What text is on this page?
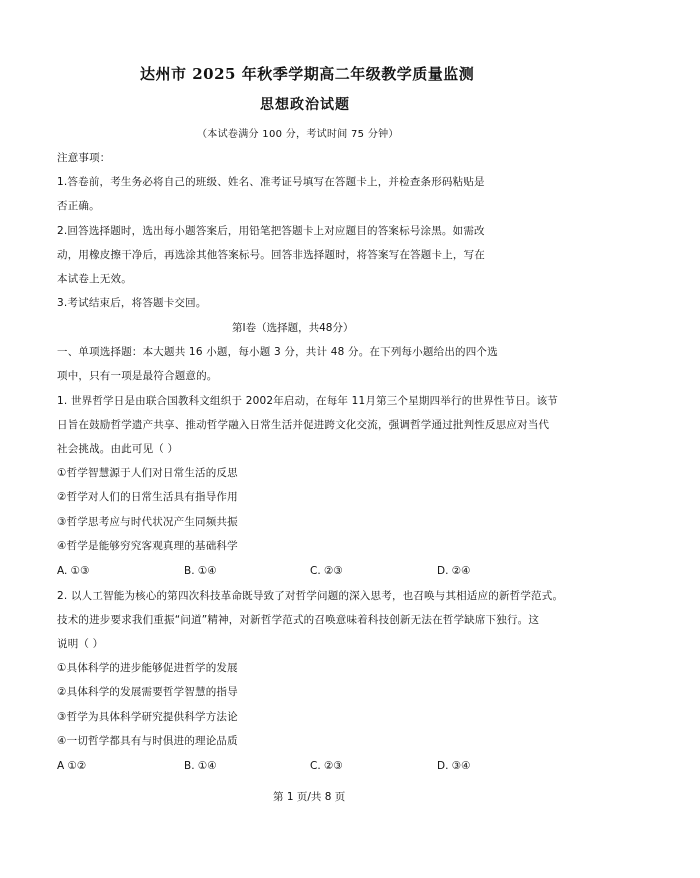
达州市 2025 年秋季学期高二年级教学质量监测
思想政治试题
（本试卷满分 100 分，考试时间 75 分钟）
注意事项：
1.答卷前，考生务必将自己的班级、姓名、准考证号填写在答题卡上，并检查条形码粘贴是
否正确。
2.回答选择题时，选出每小题答案后，用铅笔把答题卡上对应题目的答案标号涂黑。如需改
动，用橡皮擦干净后，再选涂其他答案标号。回答非选择题时，将答案写在答题卡上，写在
本试卷上无效。
3.考试结束后，将答题卡交回。
第Ⅰ卷（选择题，共48分）
一、单项选择题：本大题共 16 小题，每小题 3 分，共计 48 分。在下列每小题给出的四个选
项中，只有一项是最符合题意的。
1. 世界哲学日是由联合国教科文组织于 2002年启动，在每年 11月第三个星期四举行的世界性节日。该节
日旨在鼓励哲学遗产共享、推动哲学融入日常生活并促进跨文化交流，强调哲学通过批判性反思应对当代
社会挑战。由此可见（ ）
①哲学智慧源于人们对日常生活的反思
②哲学对人们的日常生活具有指导作用
③哲学思考应与时代状况产生同频共振
④哲学是能够穷究客观真理的基础科学
A. ①③	B. ①④	C. ②③	D. ②④
2. 以人工智能为核心的第四次科技革命既导致了对哲学问题的深入思考，也召唤与其相适应的新哲学范式。
技术的进步要求我们重振“问道”精神，对新哲学范式的召唤意味着科技创新无法在哲学缺席下独行。这
说明（ ）
①具体科学的进步能够促进哲学的发展
②具体科学的发展需要哲学智慧的指导
③哲学为具体科学研究提供科学方法论
④一切哲学都具有与时俱进的理论品质
A ①②	B. ①④	C. ②③	D. ③④
第 1 页/共 8 页
